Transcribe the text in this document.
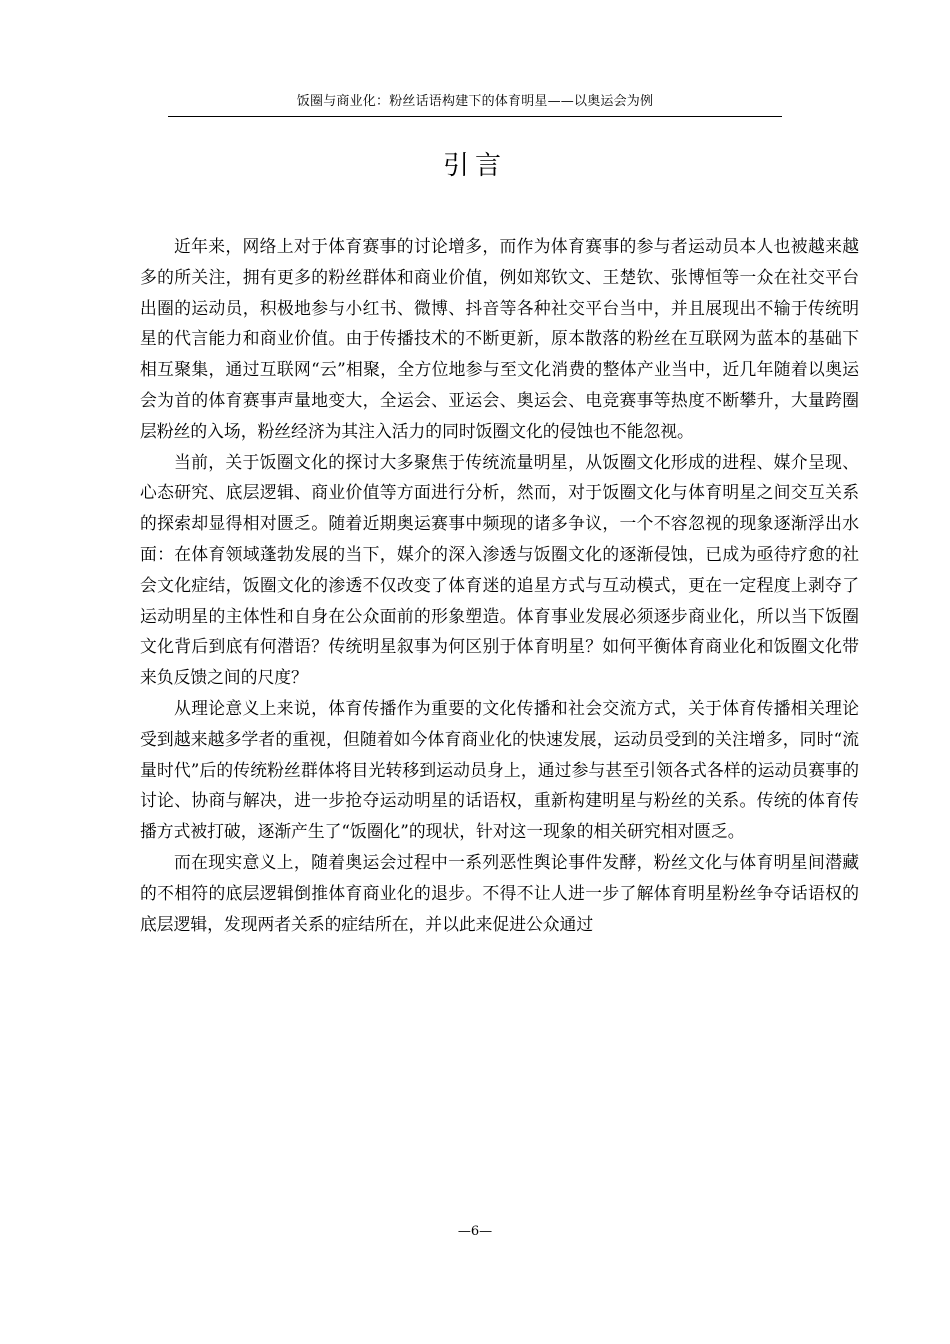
饭圈与商业化：粉丝话语构建下的体育明星——以奥运会为例
引言

近年来，网络上对于体育赛事的讨论增多，而作为体育赛事的参与者运动员本人也被越来越多的所关注，拥有更多的粉丝群体和商业价值，例如郑钦文、王楚钦、张博恒等一众在社交平台出圈的运动员，积极地参与小红书、微博、抖音等各种社交平台当中，并且展现出不输于传统明星的代言能力和商业价值。由于传播技术的不断更新，原本散落的粉丝在互联网为蓝本的基础下相互聚集，通过互联网“云”相聚，全方位地参与至文化消费的整体产业当中，近几年随着以奥运会为首的体育赛事声量地变大，全运会、亚运会、奥运会、电竞赛事等热度不断攀升，大量跨圈层粉丝的入场，粉丝经济为其注入活力的同时饭圈文化的侵蚀也不能忽视。

当前，关于饭圈文化的探讨大多聚焦于传统流量明星，从饭圈文化形成的进程、媒介呈现、心态研究、底层逻辑、商业价值等方面进行分析，然而，对于饭圈文化与体育明星之间交互关系的探索却显得相对匮乏。随着近期奥运赛事中频现的诸多争议，一个不容忽视的现象逐渐浮出水面：在体育领域蓬勃发展的当下，媒介的深入渗透与饭圈文化的逐渐侵蚀，已成为亟待疗愈的社会文化症结，饭圈文化的渗透不仅改变了体育迷的追星方式与互动模式，更在一定程度上剥夺了运动明星的主体性和自身在公众面前的形象塑造。体育事业发展必须逐步商业化，所以当下饭圈文化背后到底有何潜语？传统明星叙事为何区别于体育明星？如何平衡体育商业化和饭圈文化带来负反馈之间的尺度？

从理论意义上来说，体育传播作为重要的文化传播和社会交流方式，关于体育传播相关理论受到越来越多学者的重视，但随着如今体育商业化的快速发展，运动员受到的关注增多，同时“流量时代”后的传统粉丝群体将目光转移到运动员身上，通过参与甚至引领各式各样的运动员赛事的讨论、协商与解决，进一步抢夺运动明星的话语权，重新构建明星与粉丝的关系。传统的体育传播方式被打破，逐渐产生了“饭圈化”的现状，针对这一现象的相关研究相对匮乏。

而在现实意义上，随着奥运会过程中一系列恶性舆论事件发酵，粉丝文化与体育明星间潜藏的不相符的底层逻辑倒推体育商业化的退步。不得不让人进一步了解体育明星粉丝争夺话语权的底层逻辑，发现两者关系的症结所在，并以此来促进公众通过

—6—
